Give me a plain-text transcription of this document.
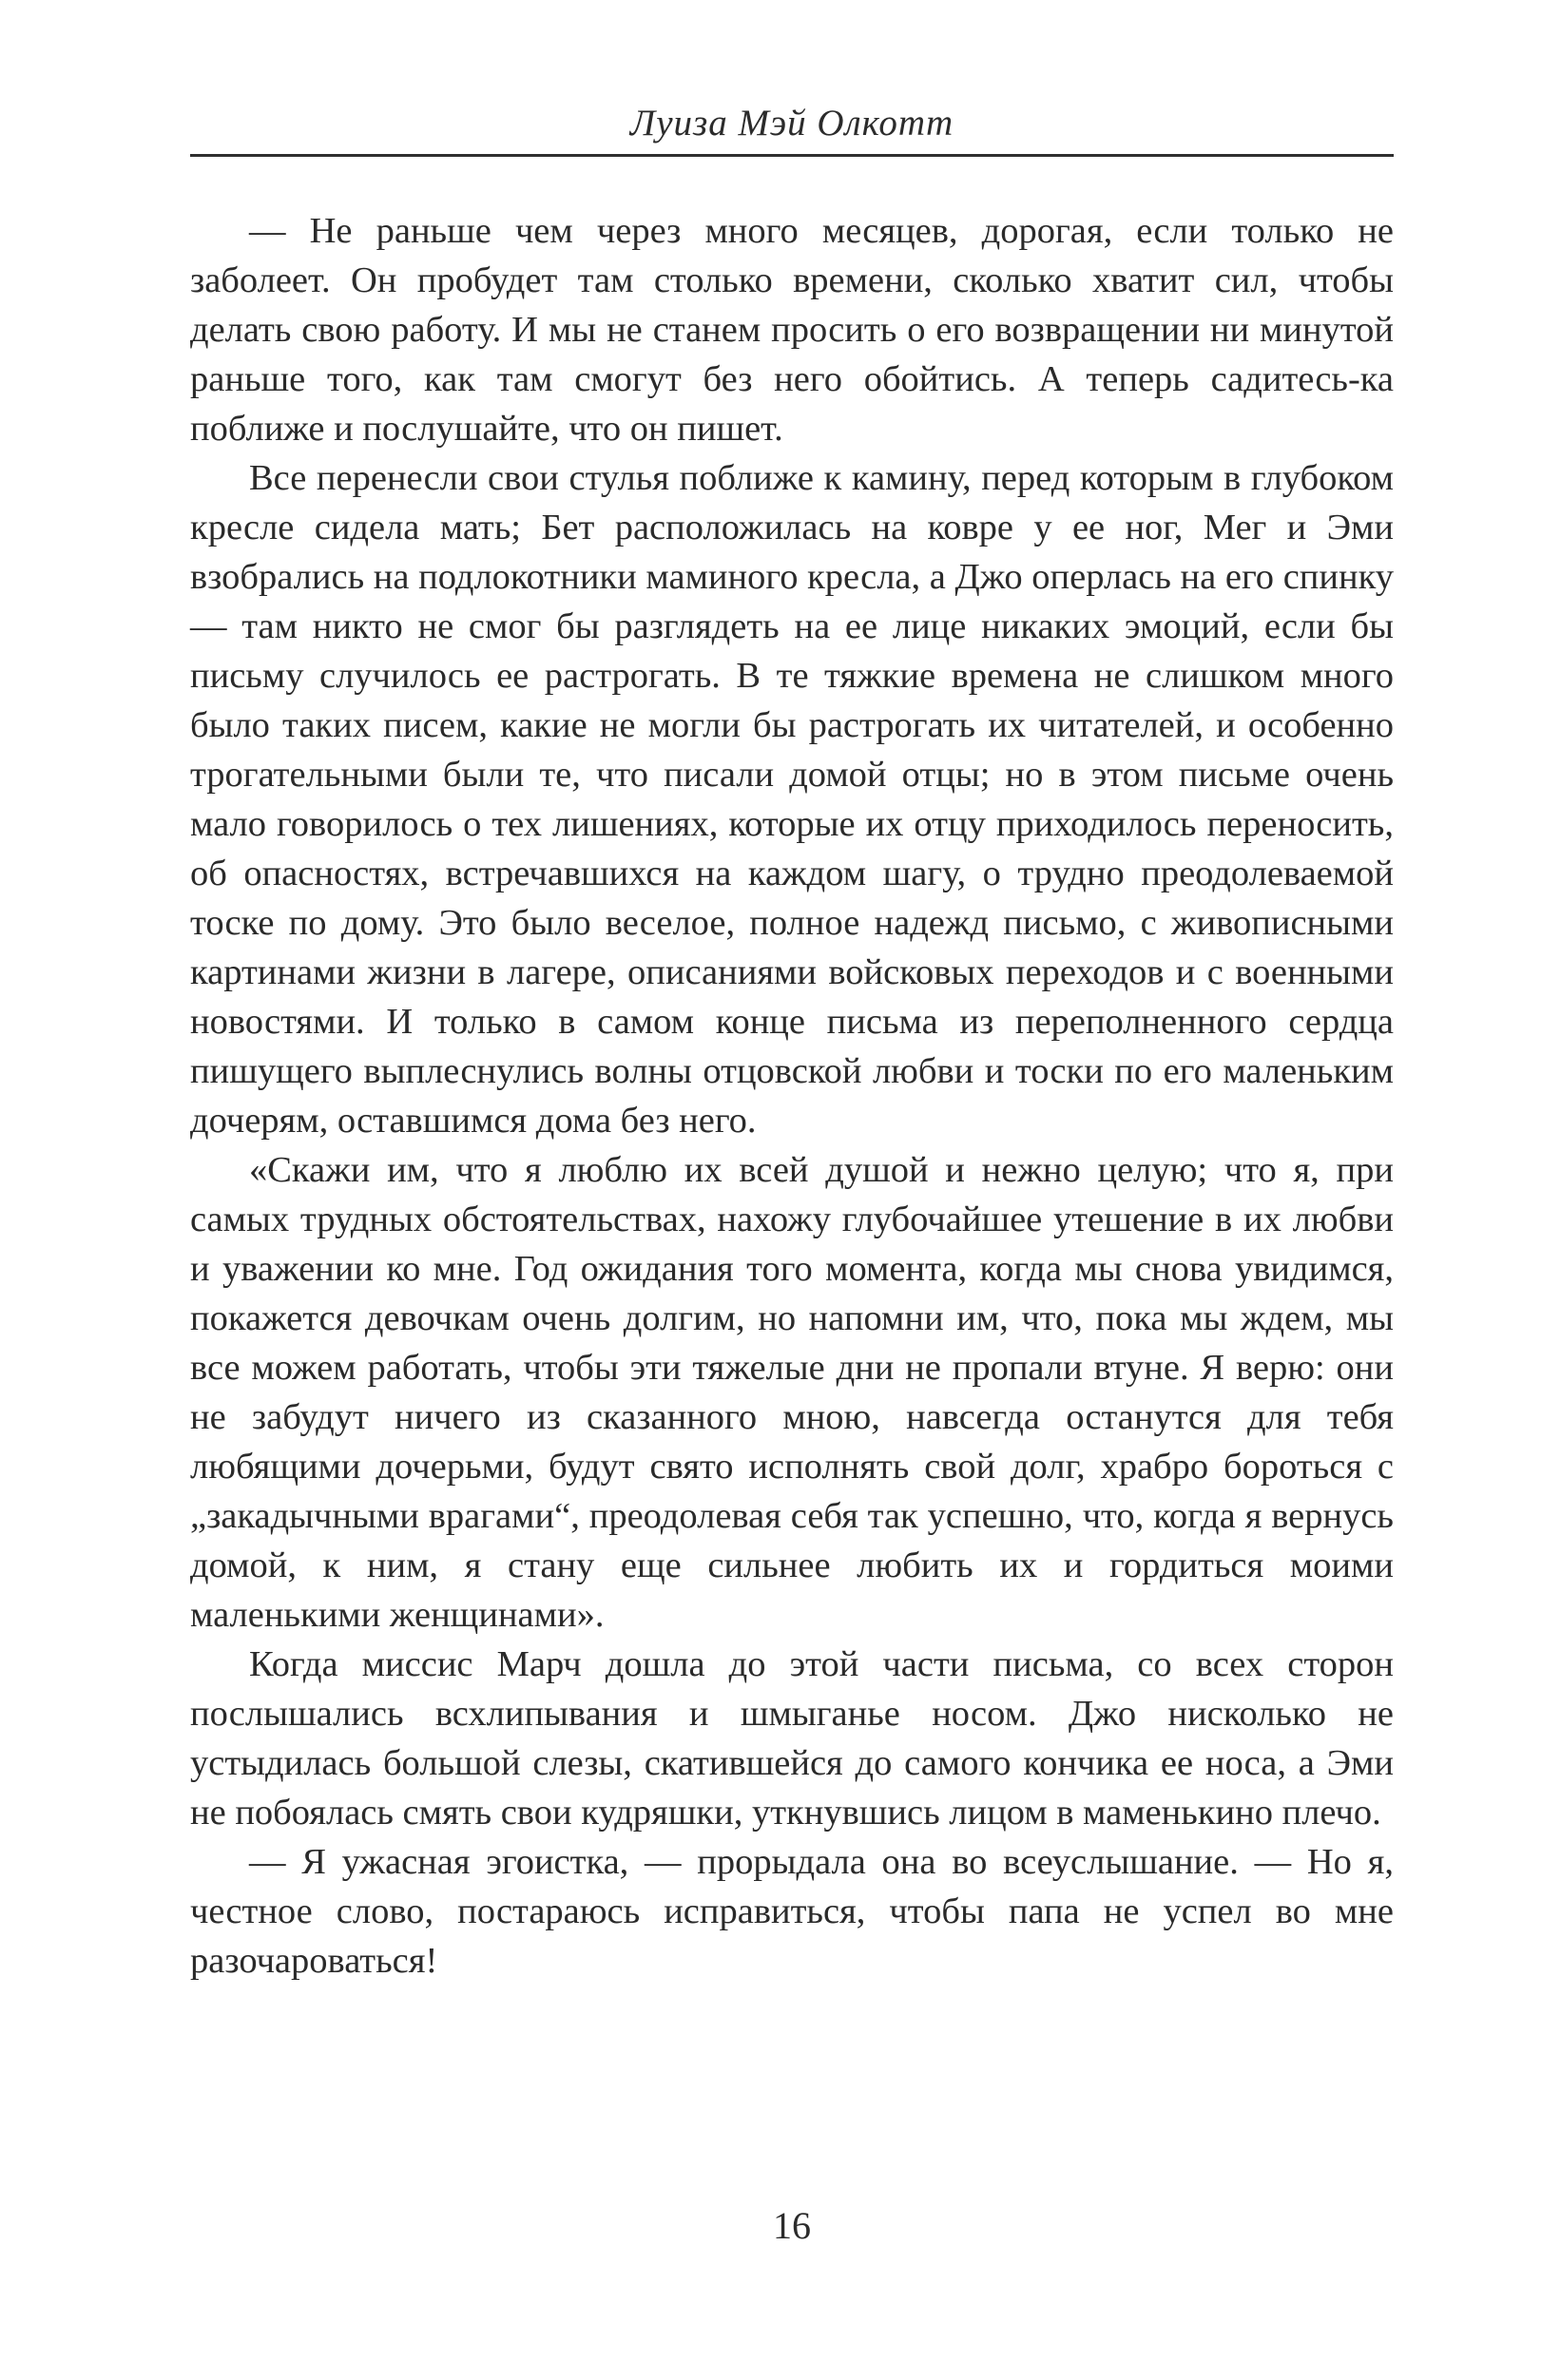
Луиза Мэй Олкотт

— Не раньше чем через много месяцев, дорогая, если только не заболеет. Он пробудет там столько времени, сколько хватит сил, чтобы делать свою работу. И мы не станем просить о его возвращении ни минутой раньше того, как там смогут без него обойтись. А теперь садитесь-ка поближе и послушайте, что он пишет.

Все перенесли свои стулья поближе к камину, перед которым в глубоком кресле сидела мать; Бет расположилась на ковре у ее ног, Мег и Эми взобрались на подлокотники маминого кресла, а Джо оперлась на его спинку — там никто не смог бы разглядеть на ее лице никаких эмоций, если бы письму случилось ее растрогать. В те тяжкие времена не слишком много было таких писем, какие не могли бы растрогать их читателей, и особенно трогательными были те, что писали домой отцы; но в этом письме очень мало говорилось о тех лишениях, которые их отцу приходилось переносить, об опасностях, встречавшихся на каждом шагу, о трудно преодолеваемой тоске по дому. Это было веселое, полное надежд письмо, с живописными картинами жизни в лагере, описаниями войсковых переходов и с военными новостями. И только в самом конце письма из переполненного сердца пишущего выплеснулись волны отцовской любви и тоски по его маленьким дочерям, оставшимся дома без него.

«Скажи им, что я люблю их всей душой и нежно целую; что я, при самых трудных обстоятельствах, нахожу глубочайшее утешение в их любви и уважении ко мне. Год ожидания того момента, когда мы снова увидимся, покажется девочкам очень долгим, но напомни им, что, пока мы ждем, мы все можем работать, чтобы эти тяжелые дни не пропали втуне. Я верю: они не забудут ничего из сказанного мною, навсегда останутся для тебя любящими дочерьми, будут свято исполнять свой долг, храбро бороться с „закадычными врагами“, преодолевая себя так успешно, что, когда я вернусь домой, к ним, я стану еще сильнее любить их и гордиться моими маленькими женщинами».

Когда миссис Марч дошла до этой части письма, со всех сторон послышались всхлипывания и шмыганье носом. Джо нисколько не устыдилась большой слезы, скатившейся до самого кончика ее носа, а Эми не побоялась смять свои кудряшки, уткнувшись лицом в маменькино плечо.

— Я ужасная эгоистка, — прорыдала она во всеуслышание. — Но я, честное слово, постараюсь исправиться, чтобы папа не успел во мне разочароваться!

16
